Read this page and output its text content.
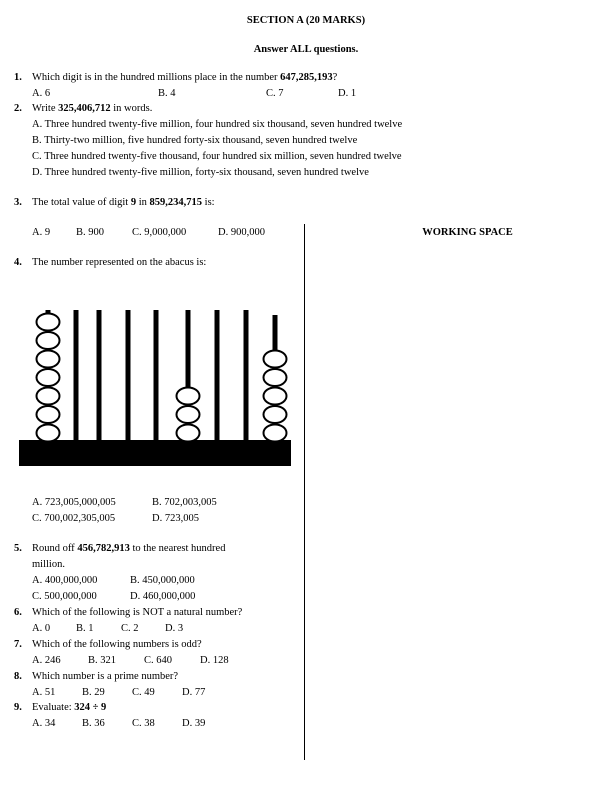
SECTION A (20 MARKS)
Answer ALL questions.
1. Which digit is in the hundred millions place in the number 647,285,193?
A. 6	B. 4	C. 7	D. 1
2. Write 325,406,712 in words.
A. Three hundred twenty-five million, four hundred six thousand, seven hundred twelve
B. Thirty-two million, five hundred forty-six thousand, seven hundred twelve
C. Three hundred twenty-five thousand, four hundred six million, seven hundred twelve
D. Three hundred twenty-five million, forty-six thousand, seven hundred twelve
3. The total value of digit 9 in 859,234,715 is:
A. 9 B. 900	C. 9,000,000	D. 900,000	WORKING SPACE
4. The number represented on the abacus is:
A. 723,005,000,005	B. 702,003,005
C. 700,002,305,005	D. 723,005
5. Round off 456,782,913 to the nearest hundred
million.
A. 400,000,000	B. 450,000,000
C. 500,000,000	D. 460,000,000
6. Which of the following is NOT a natural number?
A. 0 B. 1	C. 2	D. 3
7. Which of the following numbers is odd?
A. 246	B. 321	C. 640	D. 128
8. Which number is a prime number?
A. 51	B. 29	C. 49	D. 77
9. Evaluate: 324 ÷ 9
A. 34	B. 36	C. 38	D. 39
